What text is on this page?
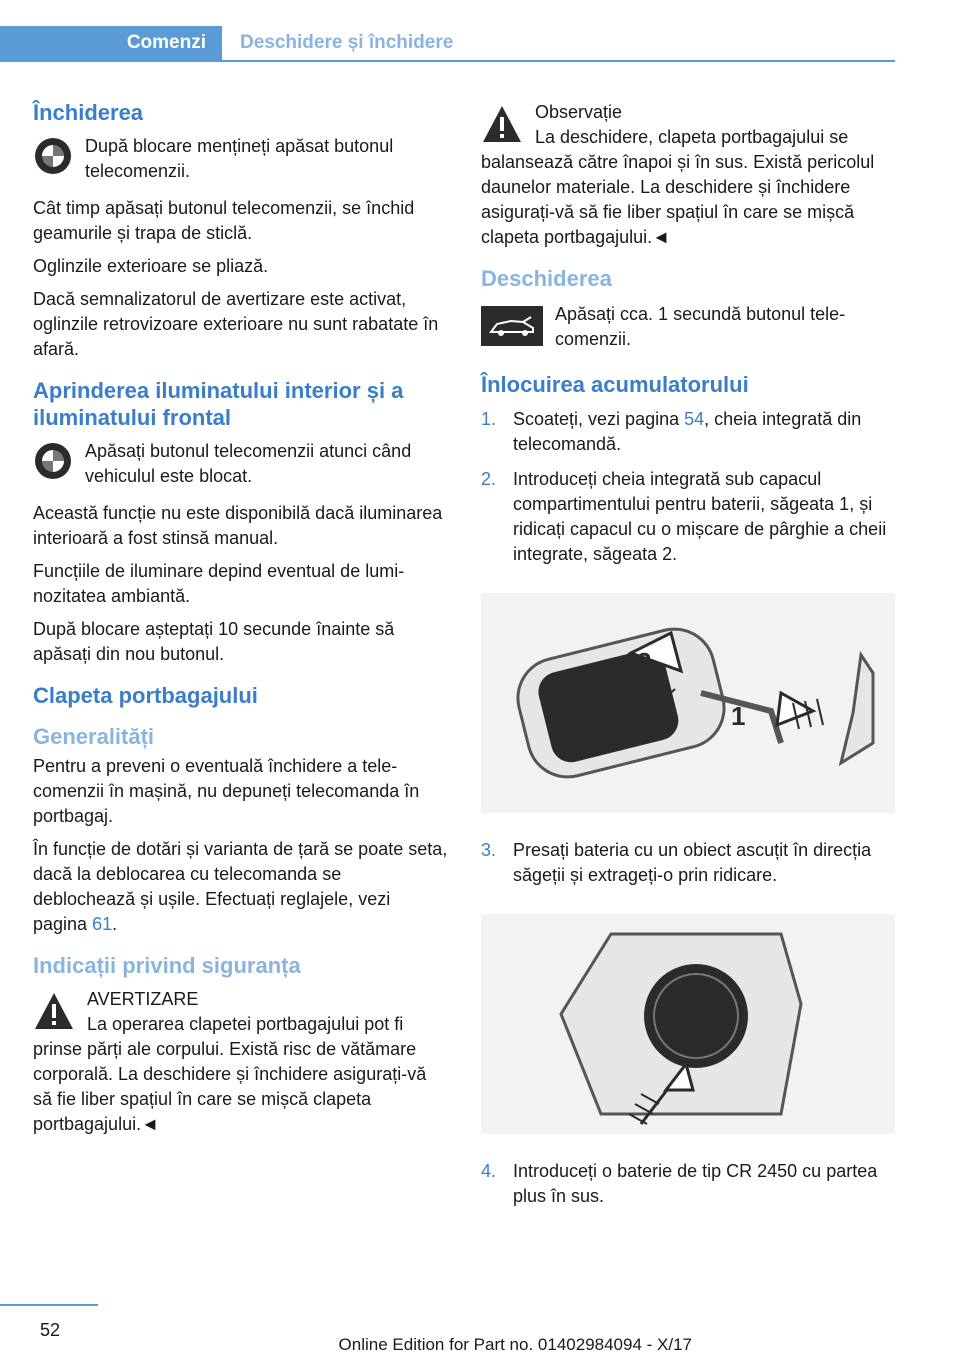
Comenzi Deschidere și închidere
Închiderea
După blocare mențineți apăsat butonul telecomenzii.

Cât timp apăsați butonul telecomenzii, se închid geamurile și trapa de sticlă.

Oglinzile exterioare se pliază.

Dacă semnalizatorul de avertizare este activat, oglinzile retrovizoare exterioare nu sunt rabatate în afară.

Aprinderea iluminatului interior și a iluminatului frontal
Apăsați butonul telecomenzii atunci când vehiculul este blocat.

Această funcție nu este disponibilă dacă iluminarea interioară a fost stinsă manual.

Funcțiile de iluminare depind eventual de luminozitatea ambiantă.

După blocare așteptați 10 secunde înainte să apăsați din nou butonul.

Clapeta portbagajului
Generalități

Pentru a preveni o eventuală închidere a telecomenzii în mașină, nu depuneți telecomanda în portbagaj.

În funcție de dotări și varianta de țară se poate seta, dacă la deblocarea cu telecomanda se deblochează și ușile. Efectuați reglajele, vezi pagina 61.

Indicații privind siguranța
AVERTIZARE
La operarea clapetei portbagajului pot fi prinse părți ale corpului. Există risc de vătămare corporală. La deschidere și închidere asigurați-vă să fie liber spațiul în care se mișcă clapeta portbagajului.◄
Observație
La deschidere, clapeta portbagajului se balansează către înapoi și în sus. Există pericolul daunelor materiale. La deschidere și închidere asigurați-vă să fie liber spațiul în care se mișcă clapeta portbagajului.◄
Deschiderea
Apăsați cca. 1 secundă butonul telecomenzii.
Înlocuirea acumulatorului
1. Scoateți, vezi pagina 54, cheia integrată din telecomandă.
2. Introduceți cheia integrată sub capacul compartimentului pentru baterii, săgeata 1, și ridicați capacul cu o mișcare de pârghie a cheii integrate, săgeata 2.
2
1
3. Presați bateria cu un obiect ascuțit în direcția săgeții și extrageți-o prin ridicare.
4. Introduceți o baterie de tip CR 2450 cu partea plus în sus.
52
Online Edition for Part no. 01402984094 - X/17
